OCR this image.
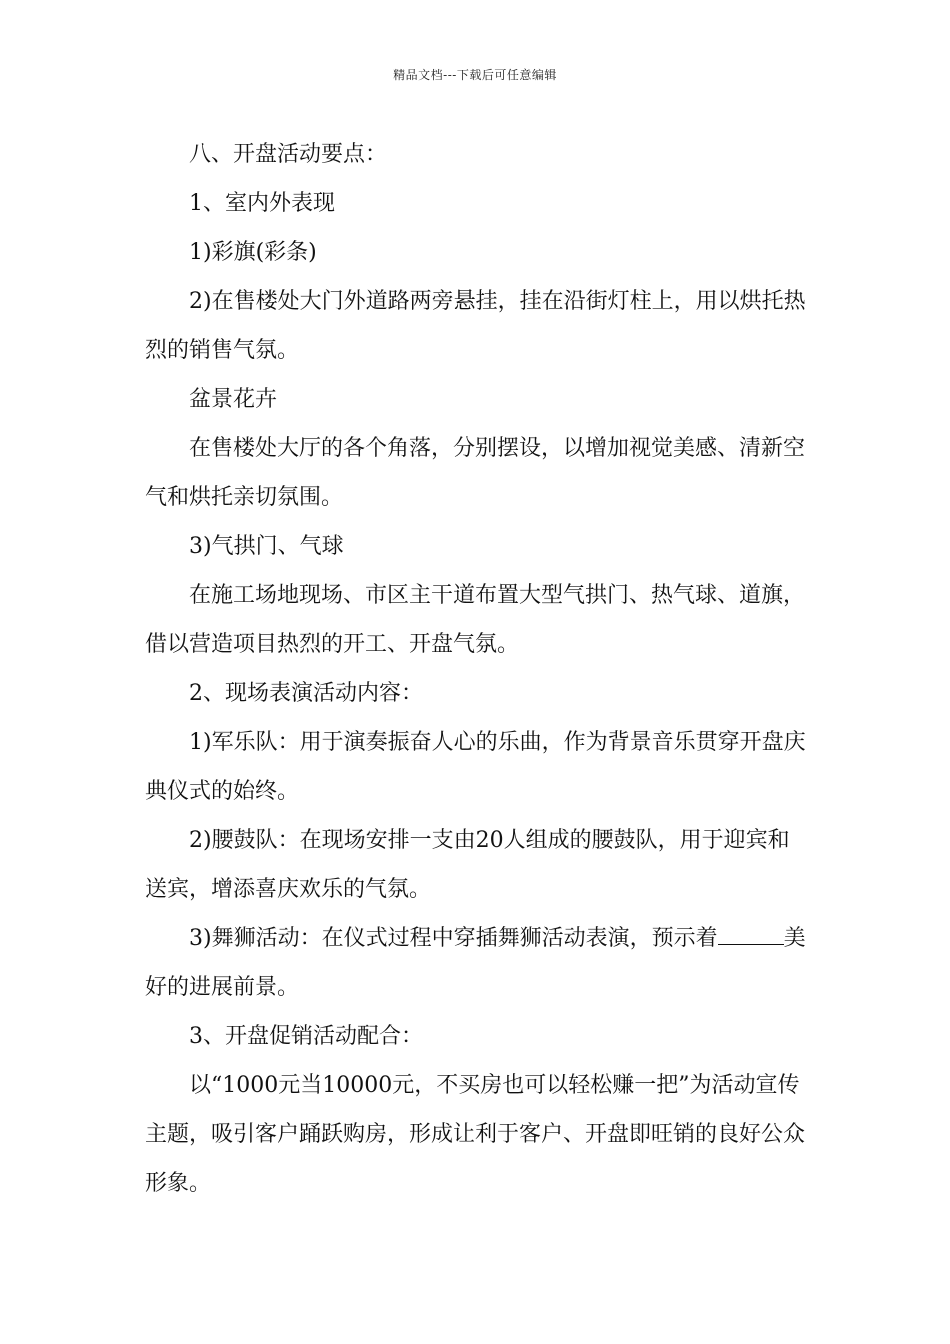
精品文档---下载后可任意编辑

八、开盘活动要点：

1、室内外表现

1)彩旗(彩条)

2)在售楼处大门外道路两旁悬挂，挂在沿街灯柱上，用以烘托热烈的销售气氛。

盆景花卉

在售楼处大厅的各个角落，分别摆设，以增加视觉美感、清新空气和烘托亲切氛围。

3)气拱门、气球

在施工场地现场、市区主干道布置大型气拱门、热气球、道旗，借以营造项目热烈的开工、开盘气氛。

2、现场表演活动内容：

1)军乐队：用于演奏振奋人心的乐曲，作为背景音乐贯穿开盘庆典仪式的始终。

2)腰鼓队：在现场安排一支由20人组成的腰鼓队，用于迎宾和送宾，增添喜庆欢乐的气氛。

3)舞狮活动：在仪式过程中穿插舞狮活动表演，预示着	美好的进展前景。

3、开盘促销活动配合：

以“1000元当10000元，不买房也可以轻松赚一把”为活动宣传主题，吸引客户踊跃购房，形成让利于客户、开盘即旺销的良好公众形象。
